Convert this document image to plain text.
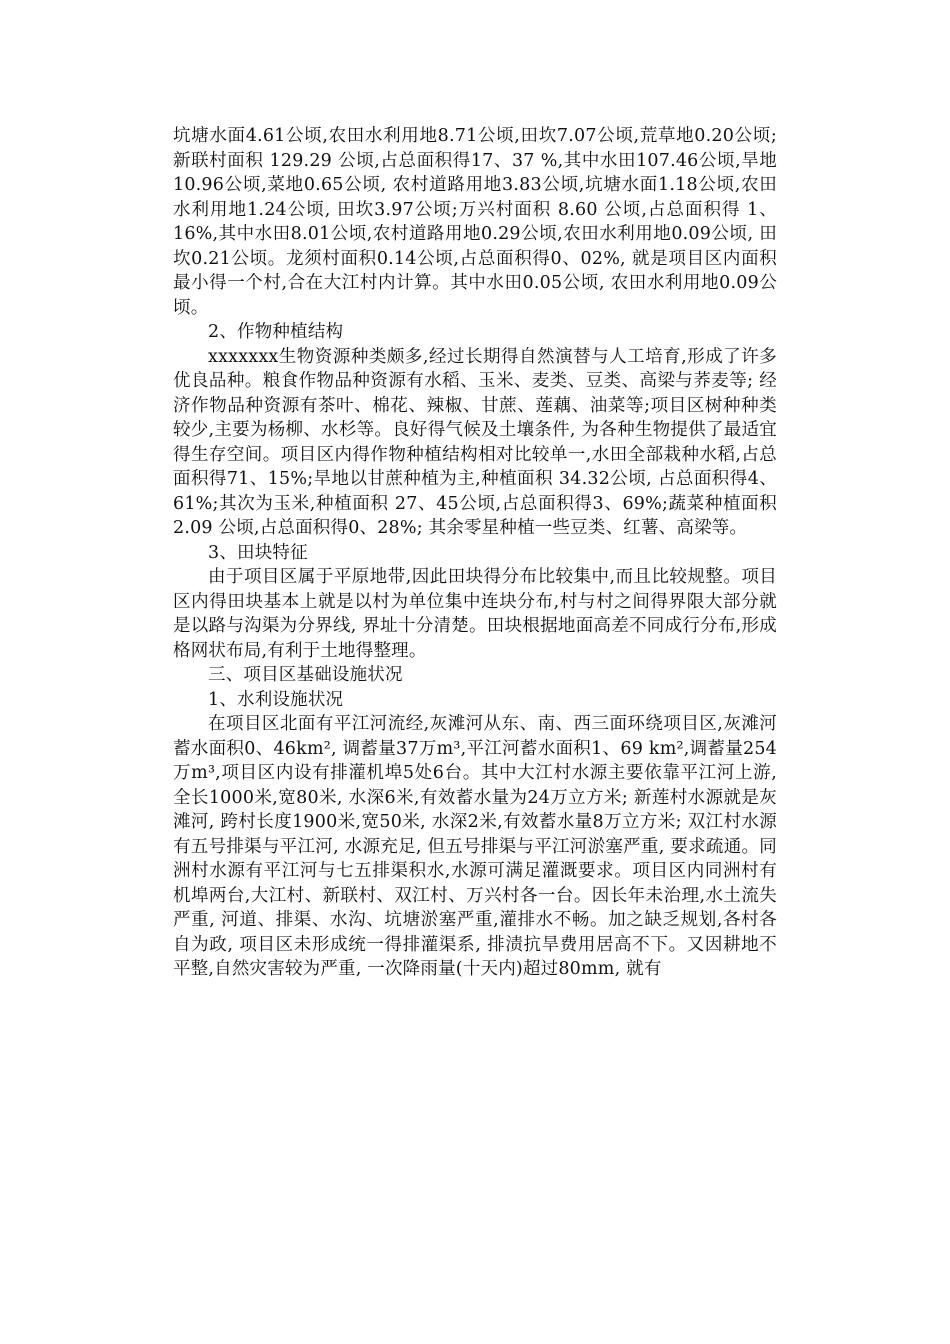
坑塘水面4.61公顷,农田水利用地8.71公顷,田坎7.07公顷,荒草地0.20公顷;新联村面积 129.29 公顷,占总面积得17、37 %,其中水田107.46公顷,旱地10.96公顷,菜地0.65公顷, 农村道路用地3.83公顷,坑塘水面1.18公顷,农田水利用地1.24公顷, 田坎3.97公顷;万兴村面积 8.60 公顷,占总面积得 1、16%,其中水田8.01公顷,农村道路用地0.29公顷,农田水利用地0.09公顷, 田坎0.21公顷。龙须村面积0.14公顷,占总面积得0、02%, 就是项目区内面积最小得一个村,合在大江村内计算。其中水田0.05公顷, 农田水利用地0.09公顷。

2、作物种植结构

xxxxxxx生物资源种类颇多,经过长期得自然演替与人工培育,形成了许多优良品种。粮食作物品种资源有水稻、玉米、麦类、豆类、高梁与荞麦等; 经济作物品种资源有茶叶、棉花、辣椒、甘蔗、莲藕、油菜等;项目区树种种类较少,主要为杨柳、水杉等。良好得气候及土壤条件, 为各种生物提供了最适宜得生存空间。项目区内得作物种植结构相对比较单一,水田全部栽种水稻,占总面积得71、15%;旱地以甘蔗种植为主,种植面积 34.32公顷, 占总面积得4、61%;其次为玉米,种植面积 27、45公顷,占总面积得3、69%;蔬菜种植面积 2.09 公顷,占总面积得0、28%; 其余零星种植一些豆类、红薯、高梁等。

3、田块特征

由于项目区属于平原地带,因此田块得分布比较集中,而且比较规整。项目区内得田块基本上就是以村为单位集中连块分布,村与村之间得界限大部分就是以路与沟渠为分界线, 界址十分清楚。田块根据地面高差不同成行分布,形成格网状布局,有利于土地得整理。

三、项目区基础设施状况

1、水利设施状况

在项目区北面有平江河流经,灰滩河从东、南、西三面环绕项目区,灰滩河蓄水面积0、46km², 调蓄量37万m³,平江河蓄水面积1、69 km²,调蓄量254万m³,项目区内设有排灌机埠5处6台。其中大江村水源主要依靠平江河上游, 全长1000米,宽80米, 水深6米,有效蓄水量为24万立方米; 新莲村水源就是灰滩河, 跨村长度1900米,宽50米, 水深2米,有效蓄水量8万立方米; 双江村水源有五号排渠与平江河, 水源充足, 但五号排渠与平江河淤塞严重, 要求疏通。同洲村水源有平江河与七五排渠积水,水源可满足灌溉要求。项目区内同洲村有机埠两台,大江村、新联村、双江村、万兴村各一台。因长年未治理,水土流失严重, 河道、排渠、水沟、坑塘淤塞严重,灌排水不畅。加之缺乏规划,各村各自为政, 项目区未形成统一得排灌渠系, 排渍抗旱费用居高不下。又因耕地不平整,自然灾害较为严重, 一次降雨量(十天内)超过80mm, 就有
